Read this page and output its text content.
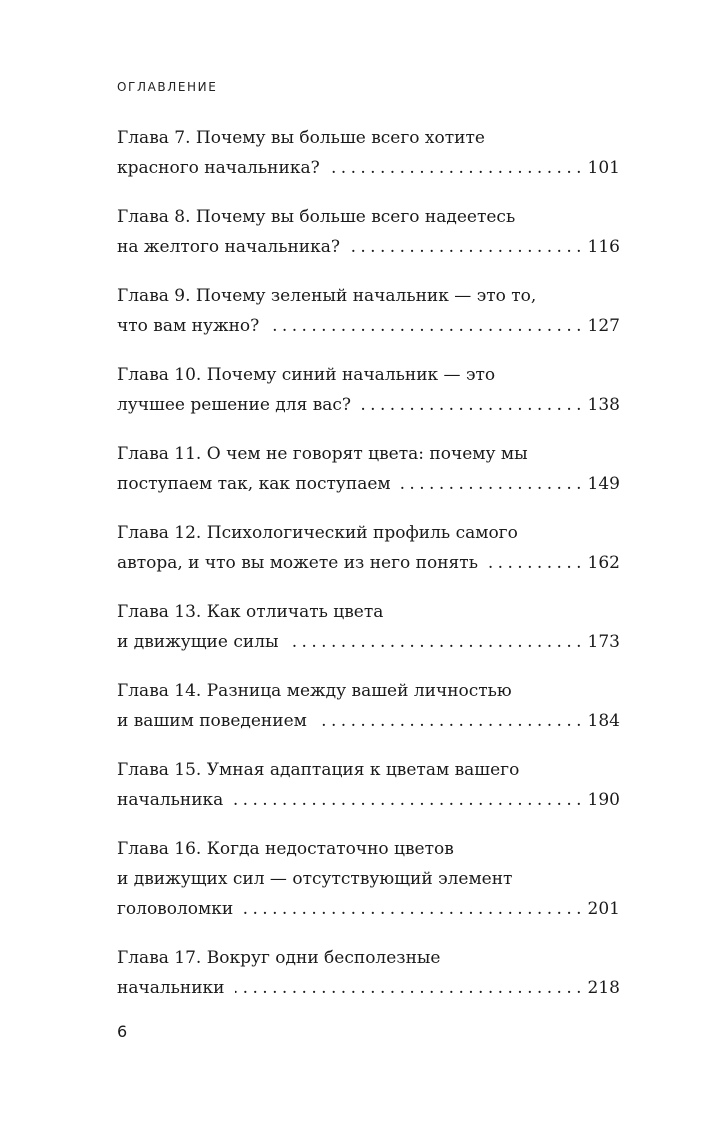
ОГЛАВЛЕНИЕ
Глава 7. Почему вы больше всего хотите
красного начальника? . . .	101
Глава 8. Почему вы больше всего надеетесь
на желтого начальника? . . .	116
Глава 9. Почему зеленый начальник — это то,
что вам нужно? . . .	127
Глава 10. Почему синий начальник — это
лучшее решение для вас? . . .	138
Глава 11. О чем не говорят цвета: почему мы
поступаем так, как поступаем . . .	149
Глава 12. Психологический профиль самого
автора, и что вы можете из него понять . . .	162
Глава 13. Как отличать цвета
и движущие силы . . .	173
Глава 14. Разница между вашей личностью
и вашим поведением . . .	184
Глава 15. Умная адаптация к цветам вашего
начальника . . .	190
Глава 16. Когда недостаточно цветов
и движущих сил — отсутствующий элемент
головоломки . . .	201
Глава 17. Вокруг одни бесполезные
начальники . . .	218
6
